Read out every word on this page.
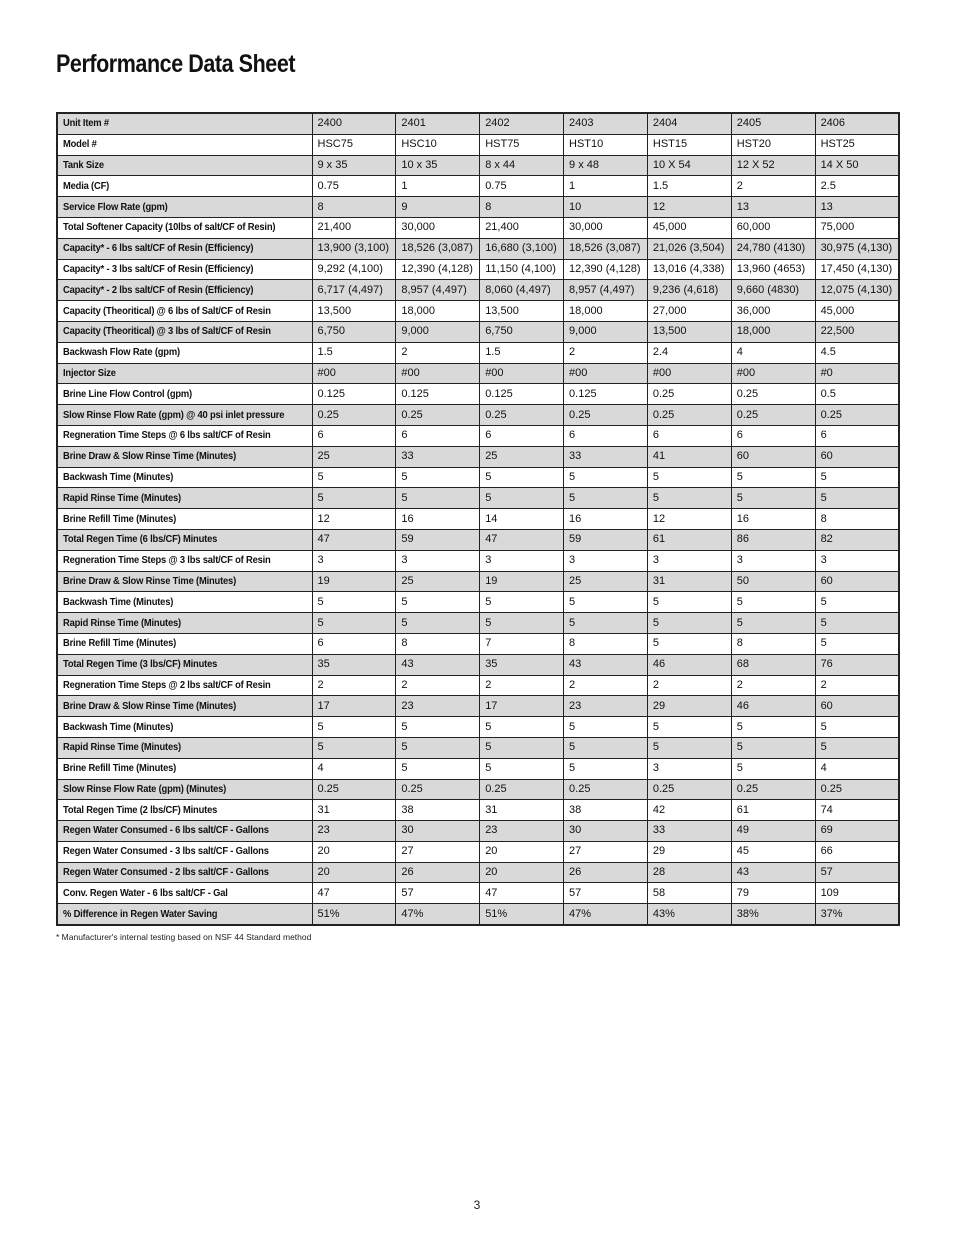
Performance Data Sheet
Unit Item #	2400	2401	2402	2403	2404	2405	2406
Model #	HSC75	HSC10	HST75	HST10	HST15	HST20	HST25
Tank Size	9 x 35	10 x 35	8 x 44	9 x 48	10 X 54	12 X 52	14 X 50
Media (CF)	0.75	1	0.75	1	1.5	2	2.5
Service Flow Rate (gpm)	8	9	8	10	12	13	13
Total Softener Capacity (10lbs of salt/CF of Resin)	21,400	30,000	21,400	30,000	45,000	60,000	75,000
Capacity* - 6 lbs salt/CF of Resin (Efficiency)	13,900 (3,100)	18,526 (3,087)	16,680 (3,100)	18,526 (3,087)	21,026 (3,504)	24,780 (4130)	30,975 (4,130)
Capacity* - 3 lbs salt/CF of Resin (Efficiency)	9,292 (4,100)	12,390 (4,128)	11,150 (4,100)	12,390 (4,128)	13,016 (4,338)	13,960 (4653)	17,450 (4,130)
Capacity* - 2 lbs salt/CF of Resin (Efficiency)	6,717 (4,497)	8,957 (4,497)	8,060 (4,497)	8,957 (4,497)	9,236 (4,618)	9,660 (4830)	12,075 (4,130)
Capacity (Theoritical) @ 6 lbs of Salt/CF of Resin	13,500	18,000	13,500	18,000	27,000	36,000	45,000
Capacity (Theoritical) @ 3 lbs of Salt/CF of Resin	6,750	9,000	6,750	9,000	13,500	18,000	22,500
Backwash Flow Rate (gpm)	1.5	2	1.5	2	2.4	4	4.5
Injector Size	#00	#00	#00	#00	#00	#00	#0
Brine Line Flow Control (gpm)	0.125	0.125	0.125	0.125	0.25	0.25	0.5
Slow Rinse Flow Rate (gpm) @ 40 psi inlet pressure	0.25	0.25	0.25	0.25	0.25	0.25	0.25
Regneration Time Steps @ 6 lbs salt/CF of Resin	6	6	6	6	6	6	6
Brine Draw & Slow Rinse Time (Minutes)	25	33	25	33	41	60	60
Backwash Time (Minutes)	5	5	5	5	5	5	5
Rapid Rinse Time (Minutes)	5	5	5	5	5	5	5
Brine Refill Time (Minutes)	12	16	14	16	12	16	8
Total Regen Time (6 lbs/CF) Minutes	47	59	47	59	61	86	82
Regneration Time Steps @ 3 lbs salt/CF of Resin	3	3	3	3	3	3	3
Brine Draw & Slow Rinse Time (Minutes)	19	25	19	25	31	50	60
Backwash Time (Minutes)	5	5	5	5	5	5	5
Rapid Rinse Time (Minutes)	5	5	5	5	5	5	5
Brine Refill Time (Minutes)	6	8	7	8	5	8	5
Total Regen Time (3 lbs/CF) Minutes	35	43	35	43	46	68	76
Regneration Time Steps @ 2 lbs salt/CF of Resin	2	2	2	2	2	2	2
Brine Draw & Slow Rinse Time (Minutes)	17	23	17	23	29	46	60
Backwash Time (Minutes)	5	5	5	5	5	5	5
Rapid Rinse Time (Minutes)	5	5	5	5	5	5	5
Brine Refill Time (Minutes)	4	5	5	5	3	5	4
Slow Rinse Flow Rate (gpm) (Minutes)	0.25	0.25	0.25	0.25	0.25	0.25	0.25
Total Regen Time (2 lbs/CF) Minutes	31	38	31	38	42	61	74
Regen Water Consumed - 6 lbs salt/CF - Gallons	23	30	23	30	33	49	69
Regen Water Consumed - 3 lbs salt/CF - Gallons	20	27	20	27	29	45	66
Regen Water Consumed - 2 lbs salt/CF - Gallons	20	26	20	26	28	43	57
Conv. Regen Water - 6 lbs salt/CF - Gal	47	57	47	57	58	79	109
% Difference in Regen Water Saving	51%	47%	51%	47%	43%	38%	37%
* Manufacturer's internal testing based on NSF 44 Standard method
3
